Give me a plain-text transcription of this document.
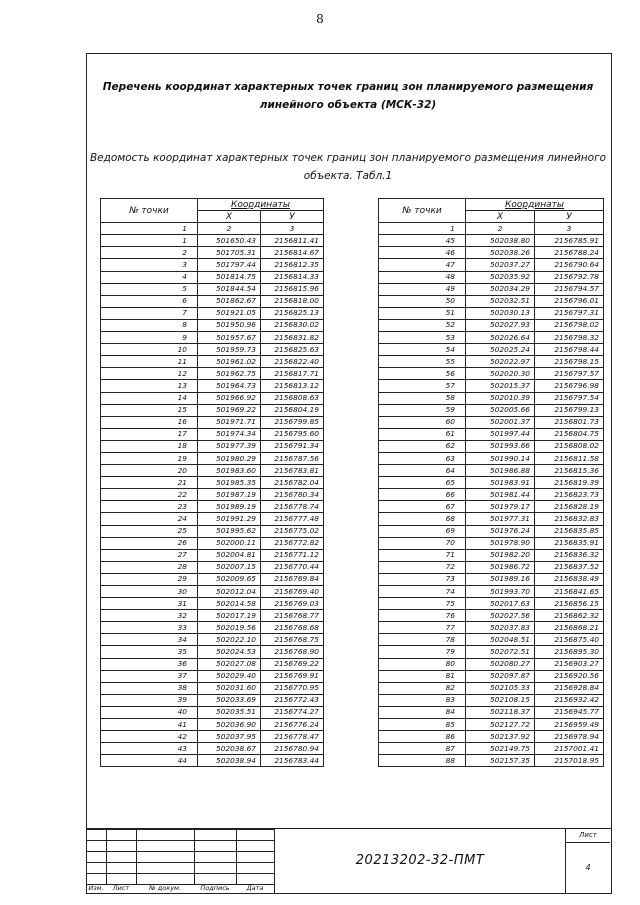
8
Перечень координат характерных точек границ зон планируемого размещения линейного объекта (МСК-32)
Ведомость координат характерных точек границ зон планируемого размещения линейного объекта. Табл.1
№ точки	Координаты	
	Х	У
1	2	3
1	501650.43	2156811.41
2	501705.31	2156814.67
3	501797.44	2156812.35
4	501814.75	2156814.33
5	501844.54	2156815.96
6	501862.67	2156818.00
7	501921.05	2156825.13
8	501950.96	2156830.02
9	501957.67	2156831.82
10	501959.73	2156825.63
11	501961.02	2156822.40
12	501962.75	2156817.71
13	501964.73	2156813.12
14	501966.92	2156808.63
15	501969.22	2156804.19
16	501971.71	2156799.85
17	501974.34	2156795.60
18	501977.39	2156791.34
19	501980.29	2156787.56
20	501983.60	2156783.81
21	501985.35	2156782.04
22	501987.19	2156780.34
23	501989.19	2156778.74
24	501991.29	2156777.48
25	501995.62	2156775.02
26	502000.11	2156772.82
27	502004.81	2156771.12
28	502007.15	2156770.44
29	502009.65	2156769.84
30	502012.04	2156769.40
31	502014.58	2156769.03
32	502017.19	2156768.77
33	502019.56	2156768.68
34	502022.10	2156768.75
35	502024.53	2156768.90
36	502027.08	2156769.22
37	502029.40	2156769.91
38	502031.60	2156770.95
39	502033.69	2156772.43
40	502035.51	2156774.27
41	502036.90	2156776.24
42	502037.95	2156778.47
43	502038.67	2156780.94
44	502038.94	2156783.44
№ точки	Координаты	
	Х	У
1	2	3
45	502038.80	2156785.91
46	502038.26	2156788.24
47	502037.27	2156790.64
48	502035.92	2156792.78
49	502034.29	2156794.57
50	502032.51	2156796.01
51	502030.13	2156797.31
52	502027.93	2156798.02
53	502026.64	2156798.32
54	502025.24	2156798.44
55	502022.97	2156798.15
56	502020.30	2156797.57
57	502015.37	2156796.98
58	502010.39	2156797.54
59	502005.66	2156799.13
60	502001.37	2156801.73
61	501997.44	2156804.75
62	501993.66	2156808.02
63	501990.14	2156811.58
64	501986.88	2156815.36
65	501983.91	2156819.39
66	501981.44	2156823.73
67	501979.17	2156828.19
68	501977.31	2156832.83
69	501976.24	2156835.85
70	501978.90	2156835.91
71	501982.20	2156836.32
72	501986.72	2156837.52
73	501989.16	2156838.49
74	501993.70	2156841.65
75	502017.63	2156856.15
76	502027.56	2156862.32
77	502037.83	2156868.21
78	502048.51	2156875.40
79	502072.51	2156895.30
80	502080.27	2156903.27
81	502097.87	2156920.56
82	502105.33	2156928.84
83	502108.15	2156932.42
84	502118.37	2156945.77
85	502127.72	2156959.49
86	502137.92	2156978.94
87	502149.75	2157001.41
88	502157.35	2157018.95

Изм.	Лист	№ докум.	Подпись	Дата
20213202-32-ПМТ
Лист
4
